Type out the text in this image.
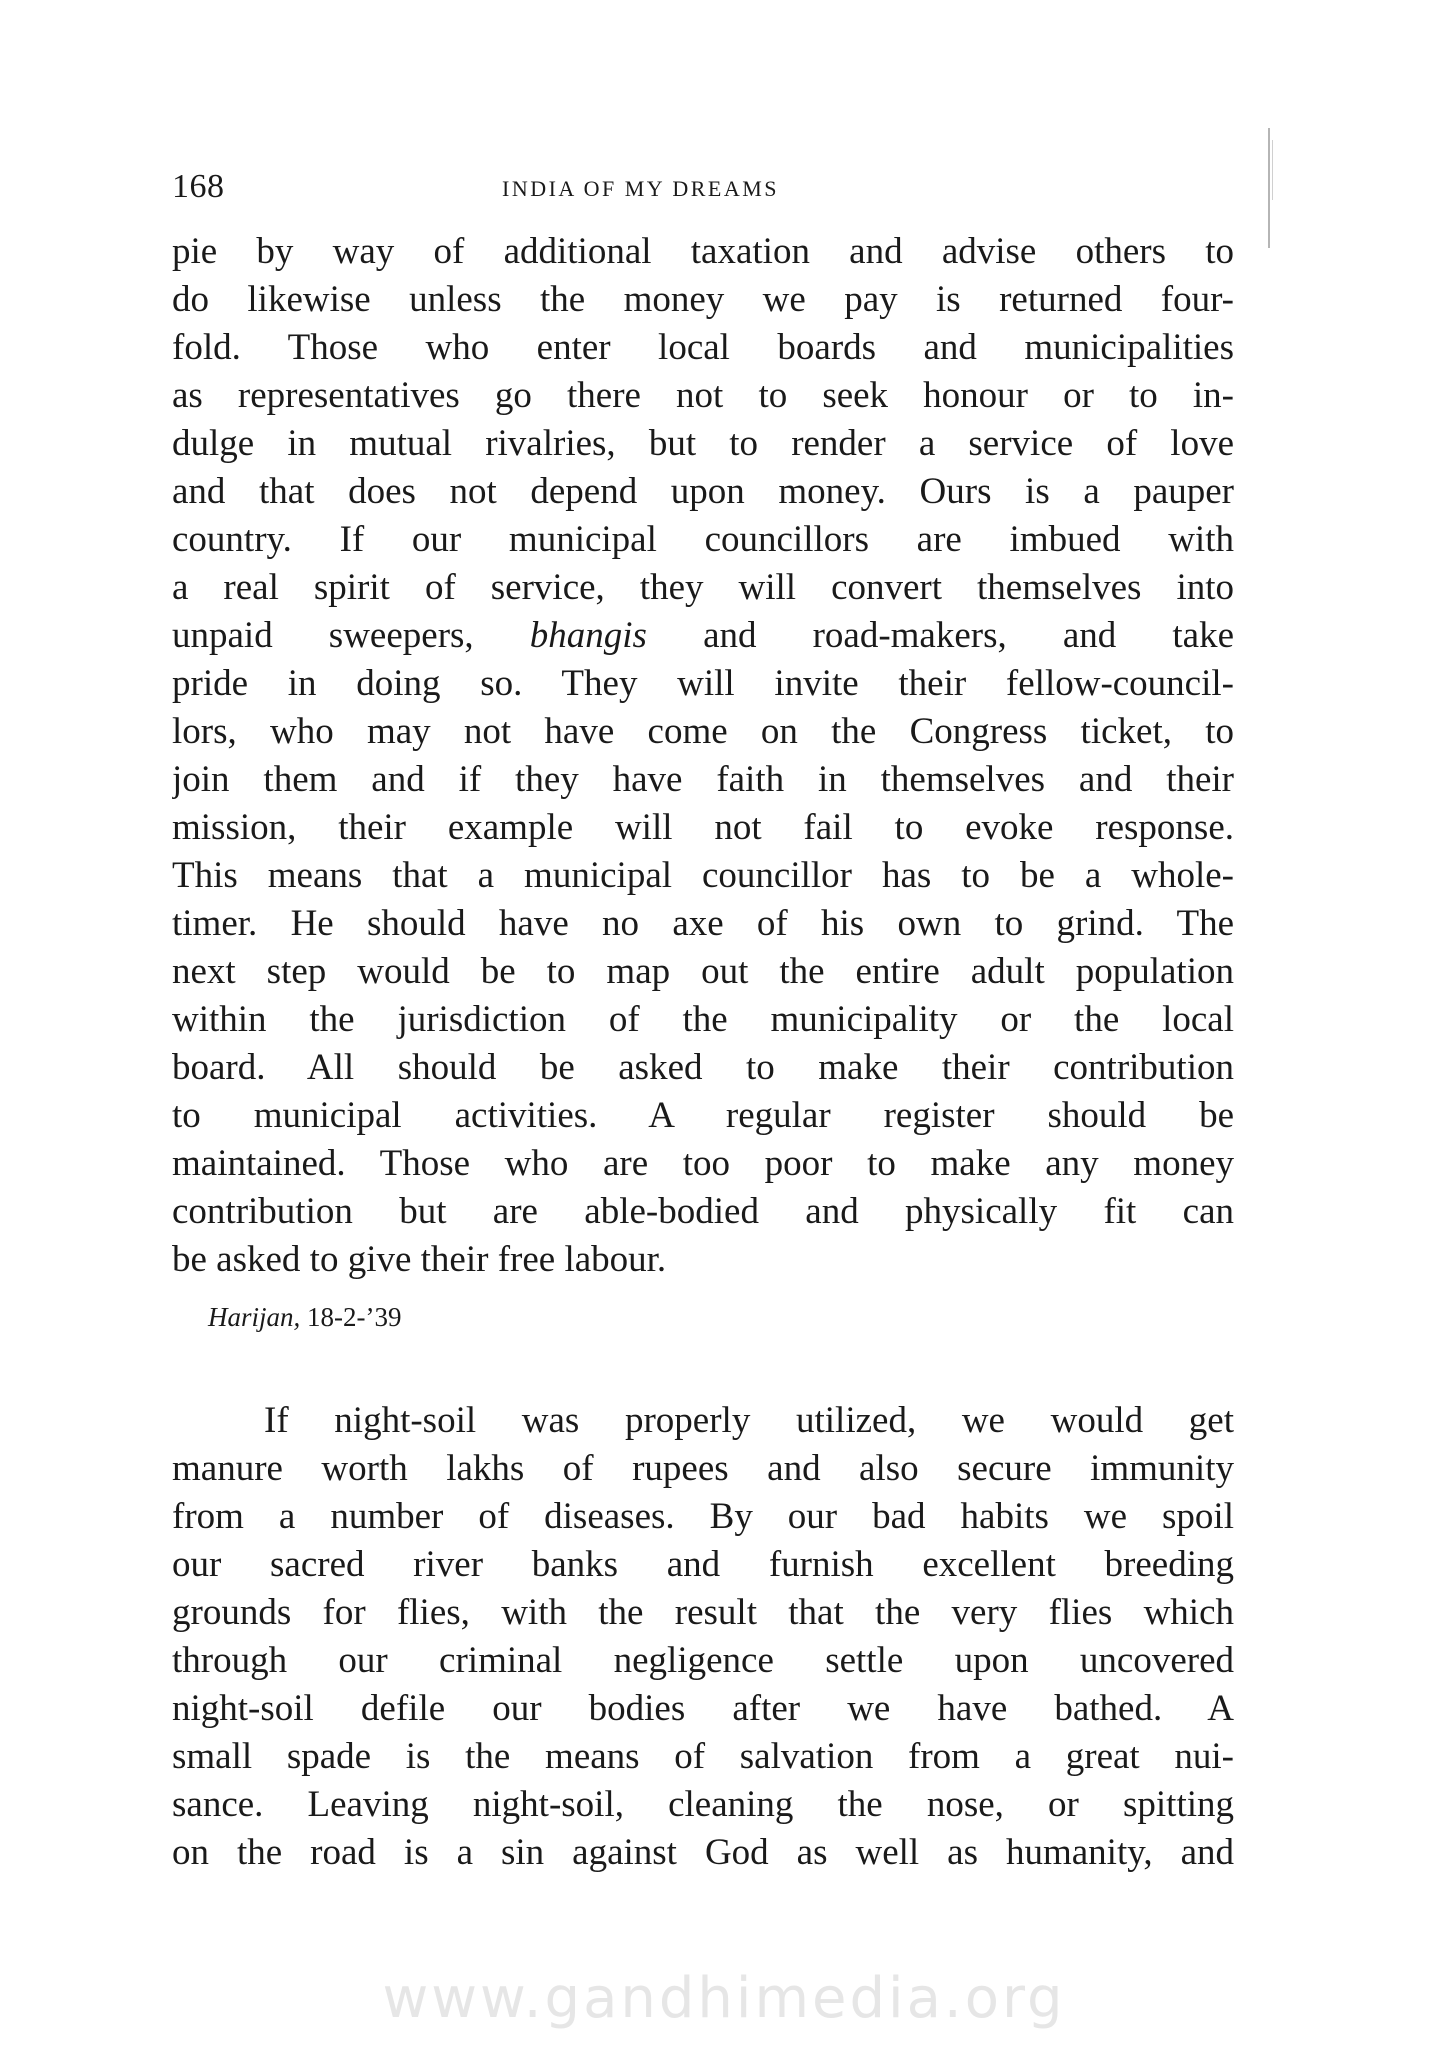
168	INDIA OF MY DREAMS
pie by way of additional taxation and advise others to
do likewise unless the money we pay is returned four-
fold. Those who enter local boards and municipalities
as representatives go there not to seek honour or to in-
dulge in mutual rivalries, but to render a service of love
and that does not depend upon money. Ours is a pauper
country. If our municipal councillors are imbued with
a real spirit of service, they will convert themselves into
unpaid sweepers, bhangis and road-makers, and take
pride in doing so. They will invite their fellow-council-
lors, who may not have come on the Congress ticket, to
join them and if they have faith in themselves and their
mission, their example will not fail to evoke response.
This means that a municipal councillor has to be a whole-
timer. He should have no axe of his own to grind. The
next step would be to map out the entire adult population
within the jurisdiction of the municipality or the local
board. All should be asked to make their contribution
to municipal activities. A regular register should be
maintained. Those who are too poor to make any money
contribution but are able-bodied and physically fit can
be asked to give their free labour.
Harijan, 18-2-’39
If night-soil was properly utilized, we would get
manure worth lakhs of rupees and also secure immunity
from a number of diseases. By our bad habits we spoil
our sacred river banks and furnish excellent breeding
grounds for flies, with the result that the very flies which
through our criminal negligence settle upon uncovered
night-soil defile our bodies after we have bathed. A
small spade is the means of salvation from a great nui-
sance. Leaving night-soil, cleaning the nose, or spitting
on the road is a sin against God as well as humanity, and
www.gandhimedia.org
